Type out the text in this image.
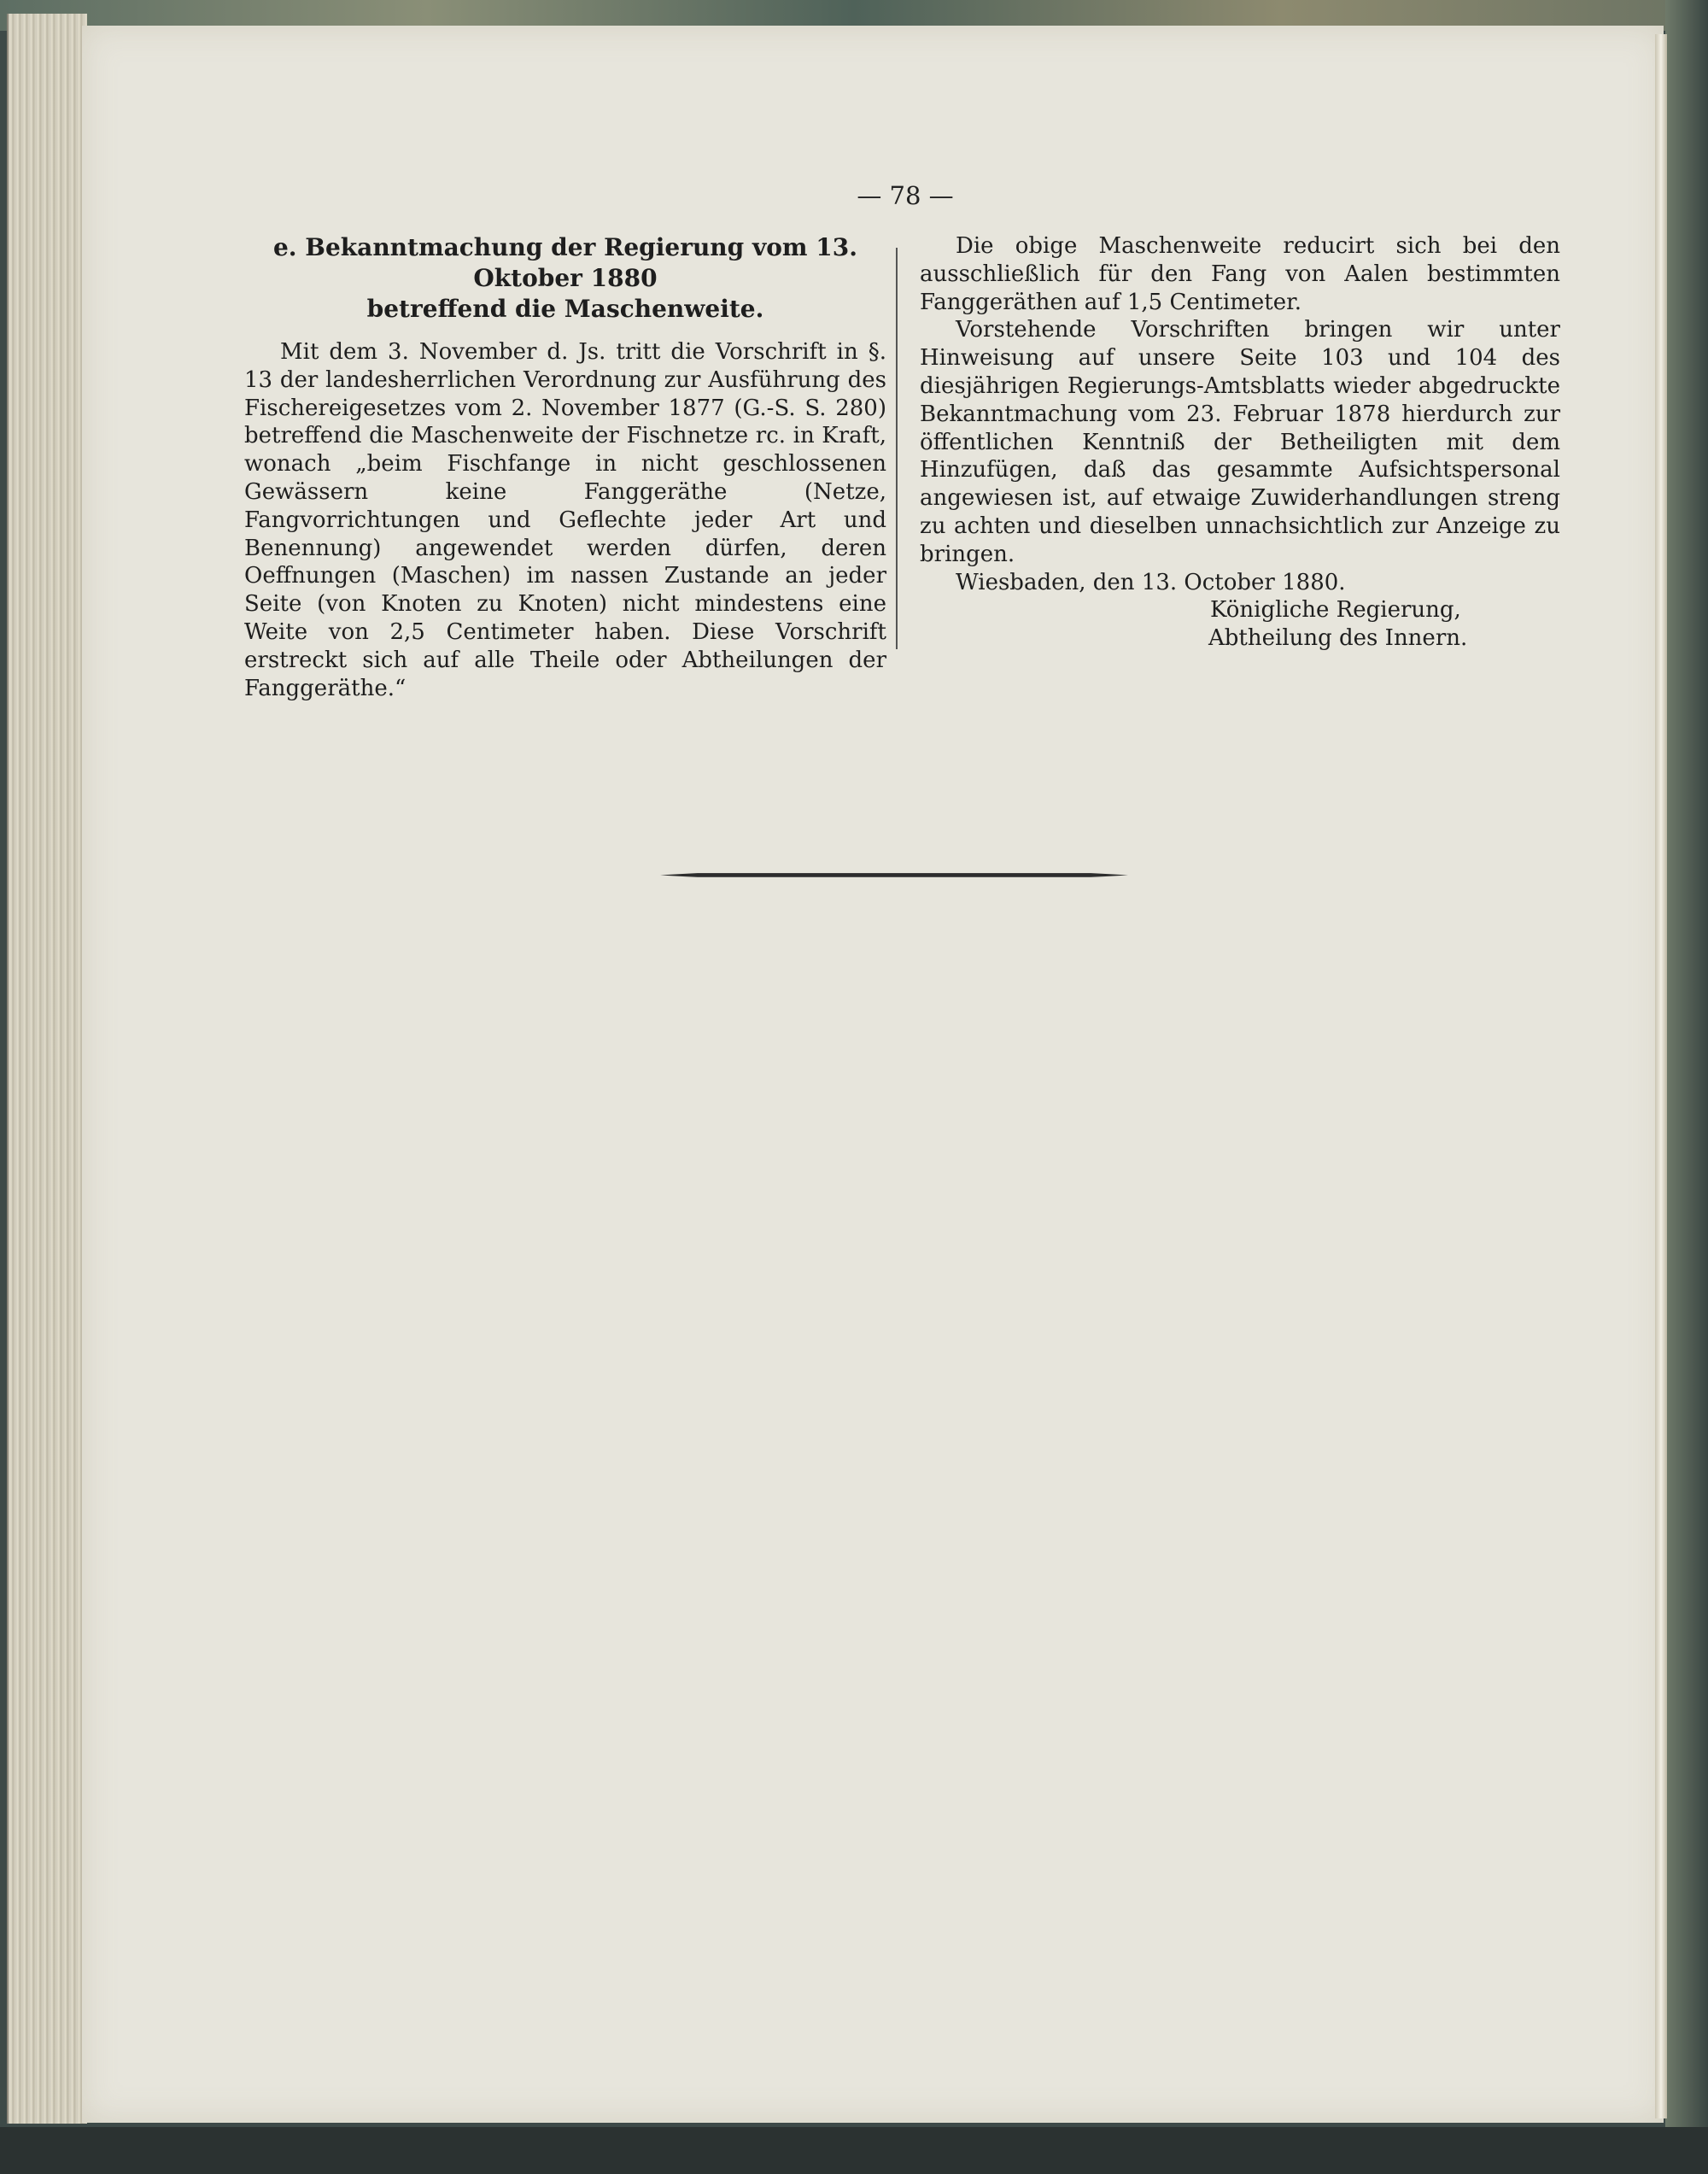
— 78 —
e. Bekanntmachung der Regierung vom 13. Oktober 1880
betreffend die Maschenweite.

Mit dem 3. November d. Js. tritt die Vorschrift in §. 13 der landesherrlichen Verordnung zur Ausführung des Fischereigesetzes vom 2. November 1877 (G.-S. S. 280) betreffend die Maschenweite der Fischnetze rc. in Kraft, wonach „beim Fischfange in nicht geschlossenen Gewässern keine Fanggeräthe (Netze, Fangvorrichtungen und Geflechte jeder Art und Benennung) angewendet werden dürfen, deren Oeffnungen (Maschen) im nassen Zustande an jeder Seite (von Knoten zu Knoten) nicht mindestens eine Weite von 2,5 Centimeter haben. Diese Vorschrift erstreckt sich auf alle Theile oder Abtheilungen der Fanggeräthe.“

Die obige Maschenweite reducirt sich bei den ausschließlich für den Fang von Aalen bestimmten Fanggeräthen auf 1,5 Centimeter.

Vorstehende Vorschriften bringen wir unter Hinweisung auf unsere Seite 103 und 104 des diesjährigen Regierungs-Amtsblatts wieder abgedruckte Bekanntmachung vom 23. Februar 1878 hierdurch zur öffentlichen Kenntniß der Betheiligten mit dem Hinzufügen, daß das gesammte Aufsichtspersonal angewiesen ist, auf etwaige Zuwiderhandlungen streng zu achten und dieselben unnachsichtlich zur Anzeige zu bringen.

Wiesbaden, den 13. October 1880.

Königliche Regierung,

Abtheilung des Innern.
